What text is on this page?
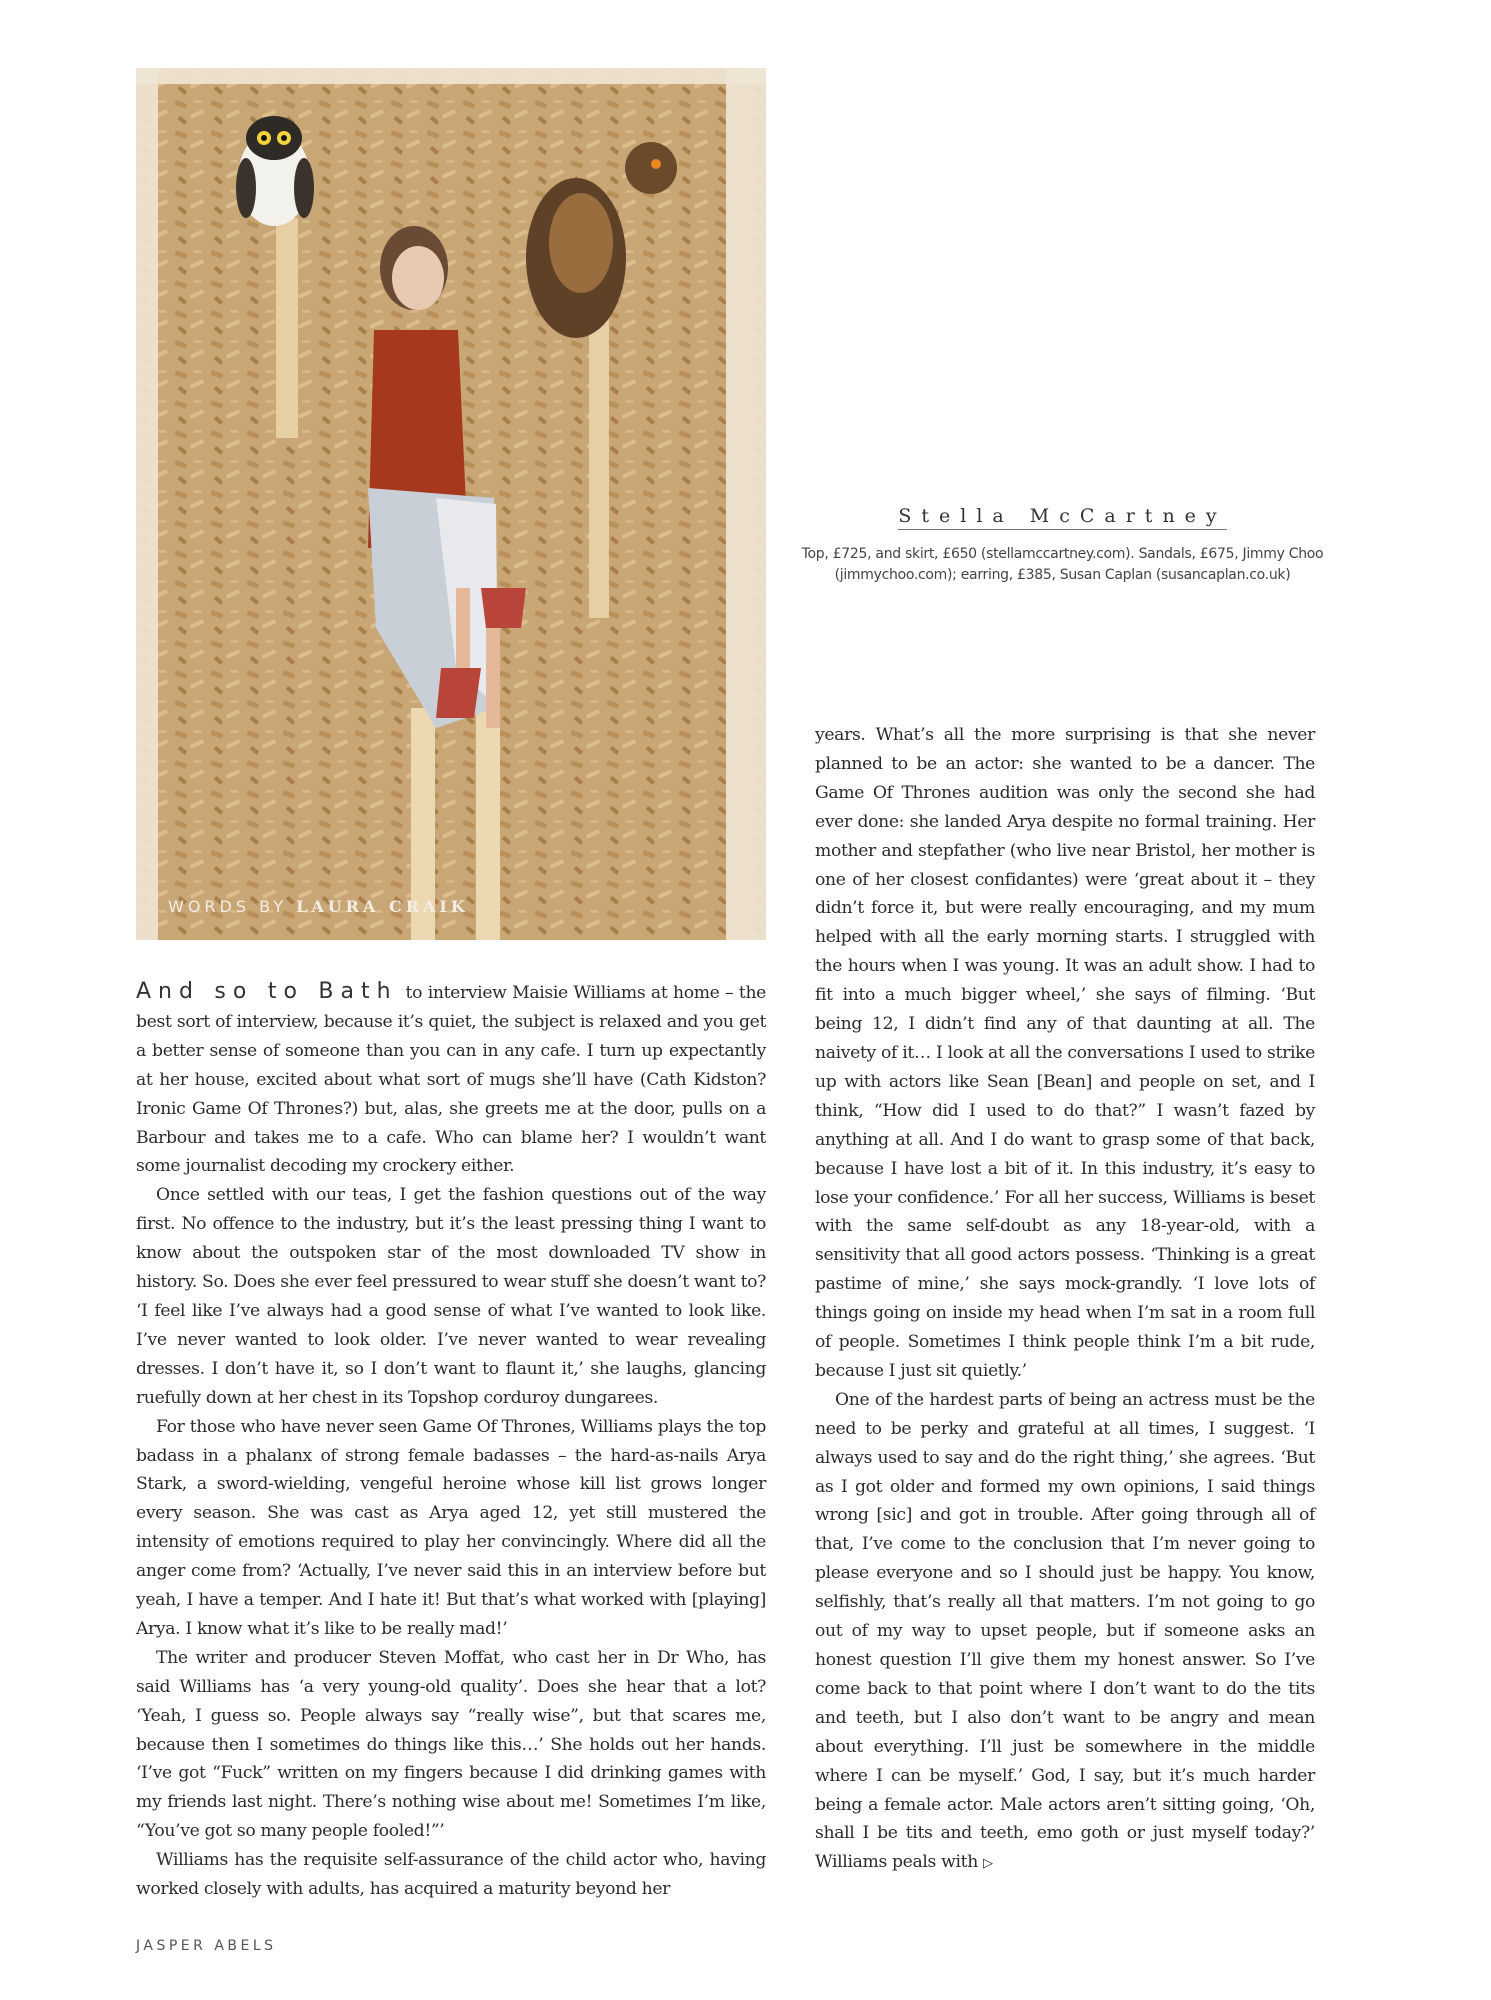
WORDS BY LAURA CRAIK
Stella McCartney
Top, £725, and skirt, £650 (stellamccartney.com). Sandals, £675, Jimmy Choo (jimmychoo.com); earring, £385, Susan Caplan (susancaplan.co.uk)

And so to Bath to interview Maisie Williams at home – the best sort of interview, because it’s quiet, the subject is relaxed and you get a better sense of someone than you can in any cafe. I turn up expectantly at her house, excited about what sort of mugs she’ll have (Cath Kidston? Ironic Game Of Thrones?) but, alas, she greets me at the door, pulls on a Barbour and takes me to a cafe. Who can blame her? I wouldn’t want some journalist decoding my crockery either.

Once settled with our teas, I get the fashion questions out of the way first. No offence to the industry, but it’s the least pressing thing I want to know about the outspoken star of the most downloaded TV show in history. So. Does she ever feel pressured to wear stuff she doesn’t want to? ‘I feel like I’ve always had a good sense of what I’ve wanted to look like. I’ve never wanted to look older. I’ve never wanted to wear revealing dresses. I don’t have it, so I don’t want to flaunt it,’ she laughs, glancing ruefully down at her chest in its Topshop corduroy dungarees.

For those who have never seen Game Of Thrones, Williams plays the top badass in a phalanx of strong female badasses – the hard-as-nails Arya Stark, a sword-wielding, vengeful heroine whose kill list grows longer every season. She was cast as Arya aged 12, yet still mustered the intensity of emotions required to play her convincingly. Where did all the anger come from? ‘Actually, I’ve never said this in an interview before but yeah, I have a temper. And I hate it! But that’s what worked with [playing] Arya. I know what it’s like to be really mad!’

The writer and producer Steven Moffat, who cast her in Dr Who, has said Williams has ‘a very young-old quality’. Does she hear that a lot? ‘Yeah, I guess so. People always say “really wise”, but that scares me, because then I sometimes do things like this…’ She holds out her hands. ‘I’ve got “Fuck” written on my fingers because I did drinking games with my friends last night. There’s nothing wise about me! Sometimes I’m like, “You’ve got so many people fooled!”’

Williams has the requisite self-assurance of the child actor who, having worked closely with adults, has acquired a maturity beyond her

years. What’s all the more surprising is that she never planned to be an actor: she wanted to be a dancer. The Game Of Thrones audition was only the second she had ever done: she landed Arya despite no formal training. Her mother and stepfather (who live near Bristol, her mother is one of her closest confidantes) were ‘great about it – they didn’t force it, but were really encouraging, and my mum helped with all the early morning starts. I struggled with the hours when I was young. It was an adult show. I had to fit into a much bigger wheel,’ she says of filming. ‘But being 12, I didn’t find any of that daunting at all. The naivety of it… I look at all the conversations I used to strike up with actors like Sean [Bean] and people on set, and I think, “How did I used to do that?” I wasn’t fazed by anything at all. And I do want to grasp some of that back, because I have lost a bit of it. In this industry, it’s easy to lose your confidence.’ For all her success, Williams is beset with the same self-doubt as any 18-year-old, with a sensitivity that all good actors possess. ‘Thinking is a great pastime of mine,’ she says mock-grandly. ‘I love lots of things going on inside my head when I’m sat in a room full of people. Sometimes I think people think I’m a bit rude, because I just sit quietly.’

One of the hardest parts of being an actress must be the need to be perky and grateful at all times, I suggest. ‘I always used to say and do the right thing,’ she agrees. ‘But as I got older and formed my own opinions, I said things wrong [sic] and got in trouble. After going through all of that, I’ve come to the conclusion that I’m never going to please everyone and so I should just be happy. You know, selfishly, that’s really all that matters. I’m not going to go out of my way to upset people, but if someone asks an honest question I’ll give them my honest answer. So I’ve come back to that point where I don’t want to do the tits and teeth, but I also don’t want to be angry and mean about everything. I’ll just be somewhere in the middle where I can be myself.’ God, I say, but it’s much harder being a female actor. Male actors aren’t sitting going, ‘Oh, shall I be tits and teeth, emo goth or just myself today?’ Williams peals with ▷

JASPER ABELS
